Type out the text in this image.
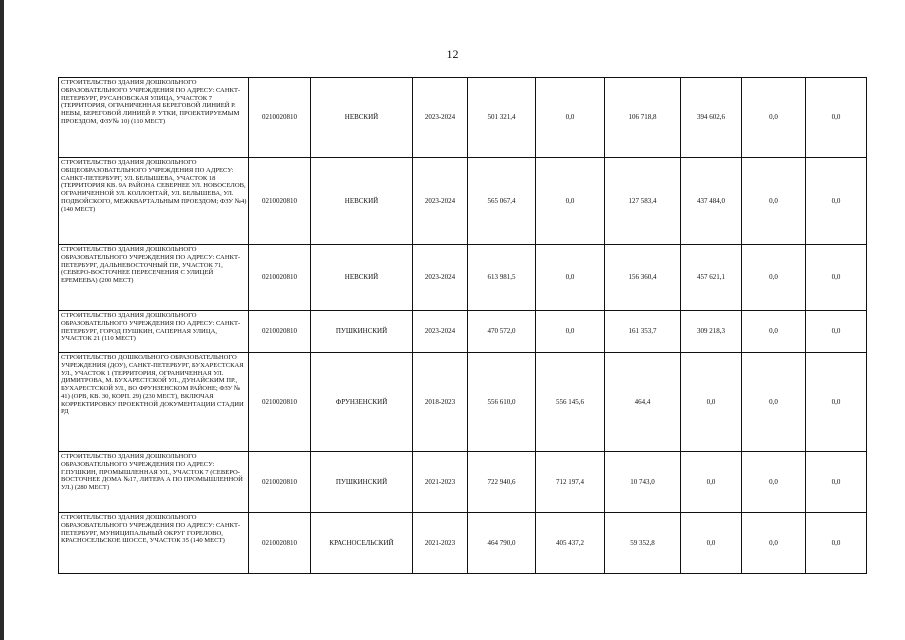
12
СТРОИТЕЛЬСТВО ЗДАНИЯ ДОШКОЛЬНОГО ОБРАЗОВАТЕЛЬНОГО УЧРЕЖДЕНИЯ ПО АДРЕСУ: САНКТ-ПЕТЕРБУРГ, РУСАНОВСКАЯ УЛИЦА, УЧАСТОК 7 (ТЕРРИТОРИЯ, ОГРАНИЧЕННАЯ БЕРЕГОВОЙ ЛИНИЕЙ Р. НЕВЫ, БЕРЕГОВОЙ ЛИНИЕЙ Р. УТКИ, ПРОЕКТИРУЕМЫМ ПРОЕЗДОМ, ФЗУ№ 10) (110 МЕСТ)	0210020810	НЕВСКИЙ	2023-2024	501 321,4	0,0	106 718,8	394 602,6	0,0	0,0
СТРОИТЕЛЬСТВО ЗДАНИЯ ДОШКОЛЬНОГО ОБЩЕОБРАЗОВАТЕЛЬНОГО УЧРЕЖДЕНИЯ ПО АДРЕСУ: САНКТ-ПЕТЕРБУРГ, УЛ. БЕЛЫШЕВА, УЧАСТОК 18 (ТЕРРИТОРИЯ КВ. 9А РАЙОНА СЕВЕРНЕЕ УЛ. НОВОСЕЛОВ, ОГРАНИЧЕННОЙ УЛ. КОЛЛОНТАЙ, УЛ. БЕЛЫШЕВА, УЛ. ПОДВОЙСКОГО, МЕЖКВАРТАЛЬНЫМ ПРОЕЗДОМ; ФЗУ №4) (140 МЕСТ)	0210020810	НЕВСКИЙ	2023-2024	565 067,4	0,0	127 583,4	437 484,0	0,0	0,0
СТРОИТЕЛЬСТВО ЗДАНИЯ ДОШКОЛЬНОГО ОБРАЗОВАТЕЛЬНОГО УЧРЕЖДЕНИЯ ПО АДРЕСУ: САНКТ-ПЕТЕРБУРГ, ДАЛЬНЕВОСТОЧНЫЙ ПР., УЧАСТОК 71, (СЕВЕРО-ВОСТОЧНЕЕ ПЕРЕСЕЧЕНИЯ С УЛИЦЕЙ ЕРЕМЕЕВА) (200 МЕСТ)	0210020810	НЕВСКИЙ	2023-2024	613 981,5	0,0	156 360,4	457 621,1	0,0	0,0
СТРОИТЕЛЬСТВО ЗДАНИЯ ДОШКОЛЬНОГО ОБРАЗОВАТЕЛЬНОГО УЧРЕЖДЕНИЯ ПО АДРЕСУ: САНКТ-ПЕТЕРБУРГ, ГОРОД ПУШКИН, САПЕРНАЯ УЛИЦА, УЧАСТОК 21 (110 МЕСТ)	0210020810	ПУШКИНСКИЙ	2023-2024	470 572,0	0,0	161 353,7	309 218,3	0,0	0,0
СТРОИТЕЛЬСТВО ДОШКОЛЬНОГО ОБРАЗОВАТЕЛЬНОГО УЧРЕЖДЕНИЯ (ДОУ), САНКТ-ПЕТЕРБУРГ, БУХАРЕСТСКАЯ УЛ., УЧАСТОК 1 (ТЕРРИТОРИЯ, ОГРАНИЧЕННАЯ УЛ. ДИМИТРОВА, М. БУХАРЕСТСКОЙ УЛ., ДУНАЙСКИМ ПР., БУХАРЕСТСКОЙ УЛ., ВО ФРУНЗЕНСКОМ РАЙОНЕ; ФЗУ № 41) (ОРВ, КВ. 30, КОРП. 29) (230 МЕСТ), ВКЛЮЧАЯ КОРРЕКТИРОВКУ ПРОЕКТНОЙ ДОКУМЕНТАЦИИ СТАДИИ РД	0210020810	ФРУНЗЕНСКИЙ	2018-2023	556 610,0	556 145,6	464,4	0,0	0,0	0,0
СТРОИТЕЛЬСТВО ЗДАНИЯ ДОШКОЛЬНОГО ОБРАЗОВАТЕЛЬНОГО УЧРЕЖДЕНИЯ ПО АДРЕСУ: Г.ПУШКИН, ПРОМЫШЛЕННАЯ УЛ., УЧАСТОК 7 (СЕВЕРО-ВОСТОЧНЕЕ ДОМА №17, ЛИТЕРА А ПО ПРОМЫШЛЕННОЙ УЛ.) (280 МЕСТ)	0210020810	ПУШКИНСКИЙ	2021-2023	722 940,6	712 197,4	10 743,0	0,0	0,0	0,0
СТРОИТЕЛЬСТВО ЗДАНИЯ ДОШКОЛЬНОГО ОБРАЗОВАТЕЛЬНОГО УЧРЕЖДЕНИЯ ПО АДРЕСУ: САНКТ-ПЕТЕРБУРГ, МУНИЦИПАЛЬНЫЙ ОКРУГ ГОРЕЛОВО, КРАСНОСЕЛЬСКОЕ ШОССЕ, УЧАСТОК 35 (140 МЕСТ)	0210020810	КРАСНОСЕЛЬСКИЙ	2021-2023	464 790,0	405 437,2	59 352,8	0,0	0,0	0,0
